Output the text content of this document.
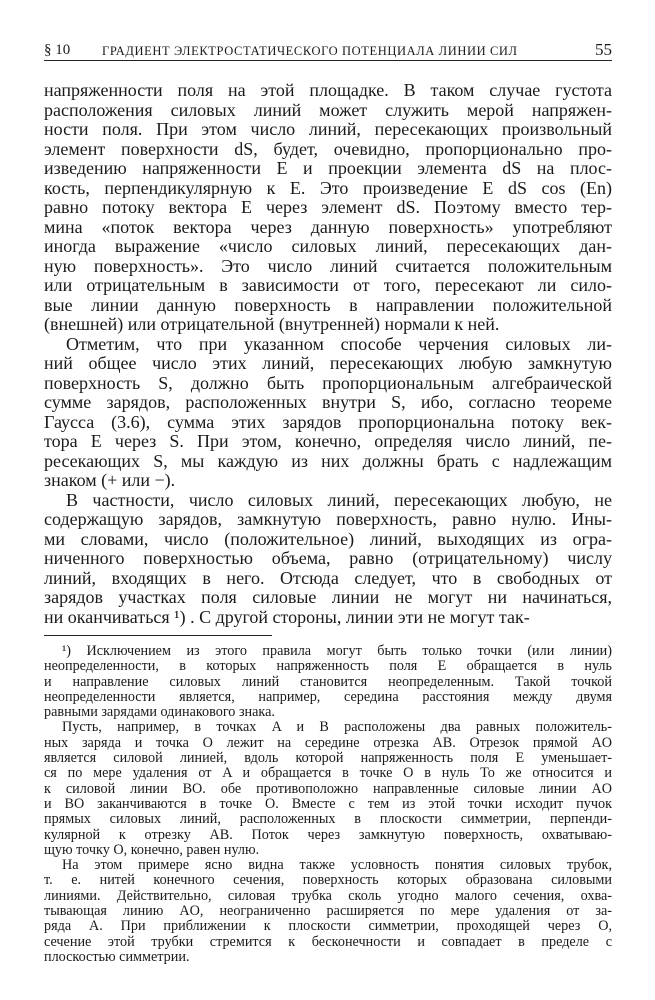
§ 10	ГРАДИЕНТ ЭЛЕКТРОСТАТИЧЕСКОГО ПОТЕНЦИАЛА ЛИНИИ СИЛ	55
напряженности поля на этой площадке. В таком случае густота
расположения силовых линий может служить мерой напряжен-
ности поля. При этом число линий, пересекающих произвольный
элемент поверхности dS, будет, очевидно, пропорционально про-
изведению напряженности E и проекции элемента dS на плос-
кость, перпендикулярную к E. Это произведение E dS cos (En)
равно потоку вектора E через элемент dS. Поэтому вместо тер-
мина «поток вектора через данную поверхность» употребляют
иногда выражение «число силовых линий, пересекающих дан-
ную поверхность». Это число линий считается положительным
или отрицательным в зависимости от того, пересекают ли сило-
вые линии данную поверхность в направлении положительной
(внешней) или отрицательной (внутренней) нормали к ней.
Отметим, что при указанном способе черчения силовых ли-
ний общее число этих линий, пересекающих любую замкнутую
поверхность S, должно быть пропорциональным алгебраической
сумме зарядов, расположенных внутри S, ибо, согласно теореме
Гаусса (3.6), сумма этих зарядов пропорциональна потоку век-
тора E через S. При этом, конечно, определяя число линий, пе-
ресекающих S, мы каждую из них должны брать с надлежащим
знаком (+ или −).
В частности, число силовых линий, пересекающих любую, не
содержащую зарядов, замкнутую поверхность, равно нулю. Ины-
ми словами, число (положительное) линий, выходящих из огра-
ниченного поверхностью объема, равно (отрицательному) числу
линий, входящих в него. Отсюда следует, что в свободных от
зарядов участках поля силовые линии не могут ни начинаться,
ни оканчиваться ¹) . С другой стороны, линии эти не могут так-
¹) Исключением из этого правила могут быть только точки (или линии)
неопределенности, в которых напряженность поля E обращается в нуль
и направление силовых линий становится неопределенным. Такой точкой
неопределенности является, например, середина расстояния между двумя
равными зарядами одинакового знака.
Пусть, например, в точках A и B расположены два равных положитель-
ных заряда и точка O лежит на середине отрезка AB. Отрезок прямой AO
является силовой линией, вдоль которой напряженность поля E уменьшает-
ся по мере удаления от A и обращается в точке O в нуль То же относится и
к силовой линии BO. обе противоположно направленные силовые линии AO
и BO заканчиваются в точке O. Вместе с тем из этой точки исходит пучок
прямых силовых линий, расположенных в плоскости симметрии, перпенди-
кулярной к отрезку AB. Поток через замкнутую поверхность, охватываю-
щую точку O, конечно, равен нулю.
На этом примере ясно видна также условность понятия силовых трубок,
т. е. нитей конечного сечения, поверхность которых образована силовыми
линиями. Действительно, силовая трубка сколь угодно малого сечения, охва-
тывающая линию AO, неограниченно расширяется по мере удаления от за-
ряда A. При приближении к плоскости симметрии, проходящей через O,
сечение этой трубки стремится к бесконечности и совпадает в пределе с
плоскостью симметрии.
